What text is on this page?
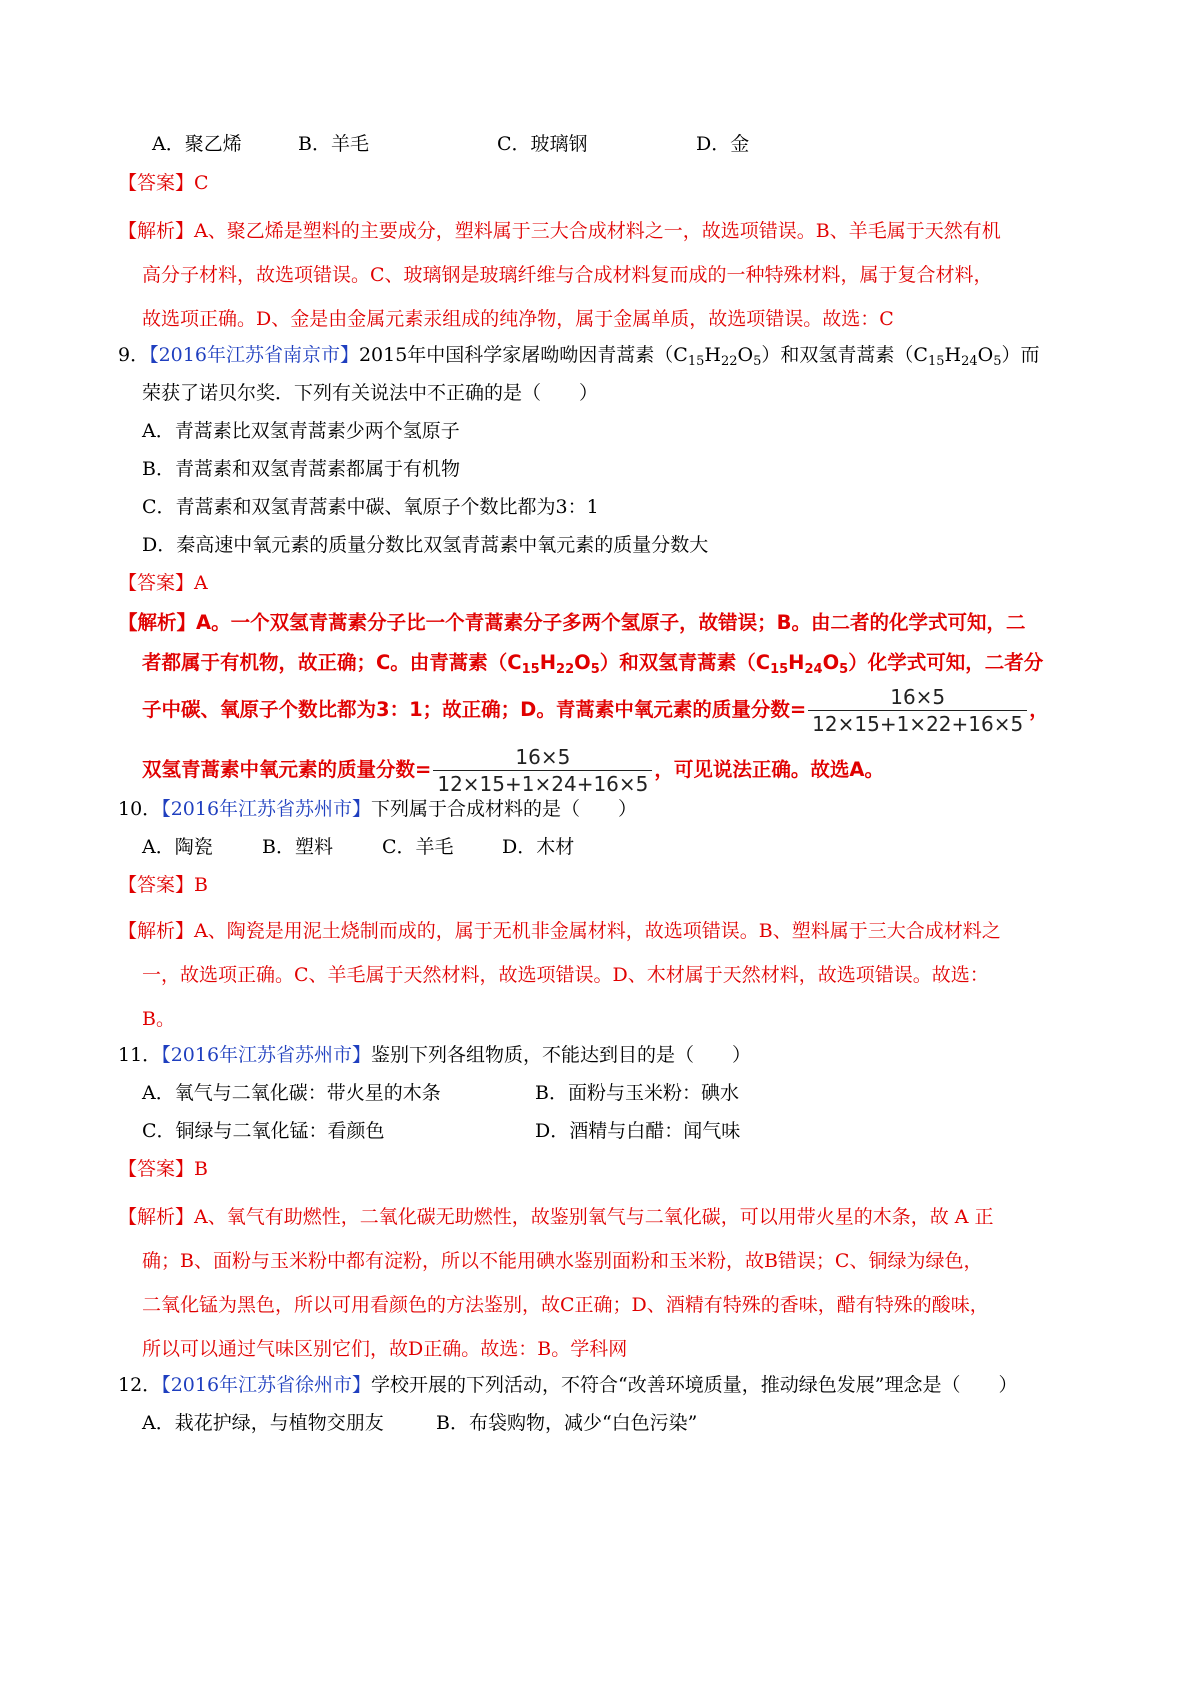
A．聚乙烯	B．羊毛	C．玻璃钢	D．金
【答案】C
【解析】A、聚乙烯是塑料的主要成分，塑料属于三大合成材料之一，故选项错误。B、羊毛属于天然有机
高分子材料，故选项错误。C、玻璃钢是玻璃纤维与合成材料复而成的一种特殊材料，属于复合材料，
故选项正确。D、金是由金属元素汞组成的纯净物，属于金属单质，故选项错误。故选：C
9．【2016年江苏省南京市】2015年中国科学家屠呦呦因青蒿素$(C_{15}H_{22}O_5)$和双氢青蒿素$(C_{15}H_{24}O_5)$而
荣获了诺贝尔奖．下列有关说法中不正确的是（　　）
A．青蒿素比双氢青蒿素少两个氢原子
B．青蒿素和双氢青蒿素都属于有机物
C．青蒿素和双氢青蒿素中碳、氧原子个数比都为3：1
D．秦高速中氧元素的质量分数比双氢青蒿素中氧元素的质量分数大
【答案】A
【解析】A。一个双氢青蒿素分子比一个青蒿素分子多两个氢原子，故错误；B。由二者的化学式可知，二
者都属于有机物，故正确；C。由青蒿素$(C_{15}H_{22}O_5)$和双氢青蒿素$(C_{15}H_{24}O_5)$化学式可知，二者分
子中碳、氧原子个数比都为3：1；故正确；D。青蒿素中氧元素的质量分数= $\frac{16\times 5}{12\times 15+1\times 22+16\times 5}$ ，
双氢青蒿素中氧元素的质量分数= $\frac{16\times 5}{12\times 15+1\times 24+16\times 5}$ ，可见说法正确。故选A。
10．【2016年江苏省苏州市】下列属于合成材料的是（　　）
A．陶瓷	B．塑料	C．羊毛	D．木材
【答案】B
【解析】A、陶瓷是用泥土烧制而成的，属于无机非金属材料，故选项错误。B、塑料属于三大合成材料之
一，故选项正确。C、羊毛属于天然材料，故选项错误。D、木材属于天然材料，故选项错误。故选：
B。
11．【2016年江苏省苏州市】鉴别下列各组物质，不能达到目的是（　　）
A．氧气与二氧化碳：带火星的木条	B．面粉与玉米粉：碘水
C．铜绿与二氧化锰：看颜色	D．酒精与白醋：闻气味
【答案】B
【解析】A、氧气有助燃性，二氧化碳无助燃性，故鉴别氧气与二氧化碳，可以用带火星的木条，故 A 正
确；B、面粉与玉米粉中都有淀粉，所以不能用碘水鉴别面粉和玉米粉，故B错误；C、铜绿为绿色，
二氧化锰为黑色，所以可用看颜色的方法鉴别，故C正确；D、酒精有特殊的香味，醋有特殊的酸味，
所以可以通过气味区别它们，故D正确。故选：B。学科网
12．【2016年江苏省徐州市】学校开展的下列活动，不符合“改善环境质量，推动绿色发展”理念是（　　）
A．栽花护绿，与植物交朋友	B．布袋购物，减少“白色污染”
